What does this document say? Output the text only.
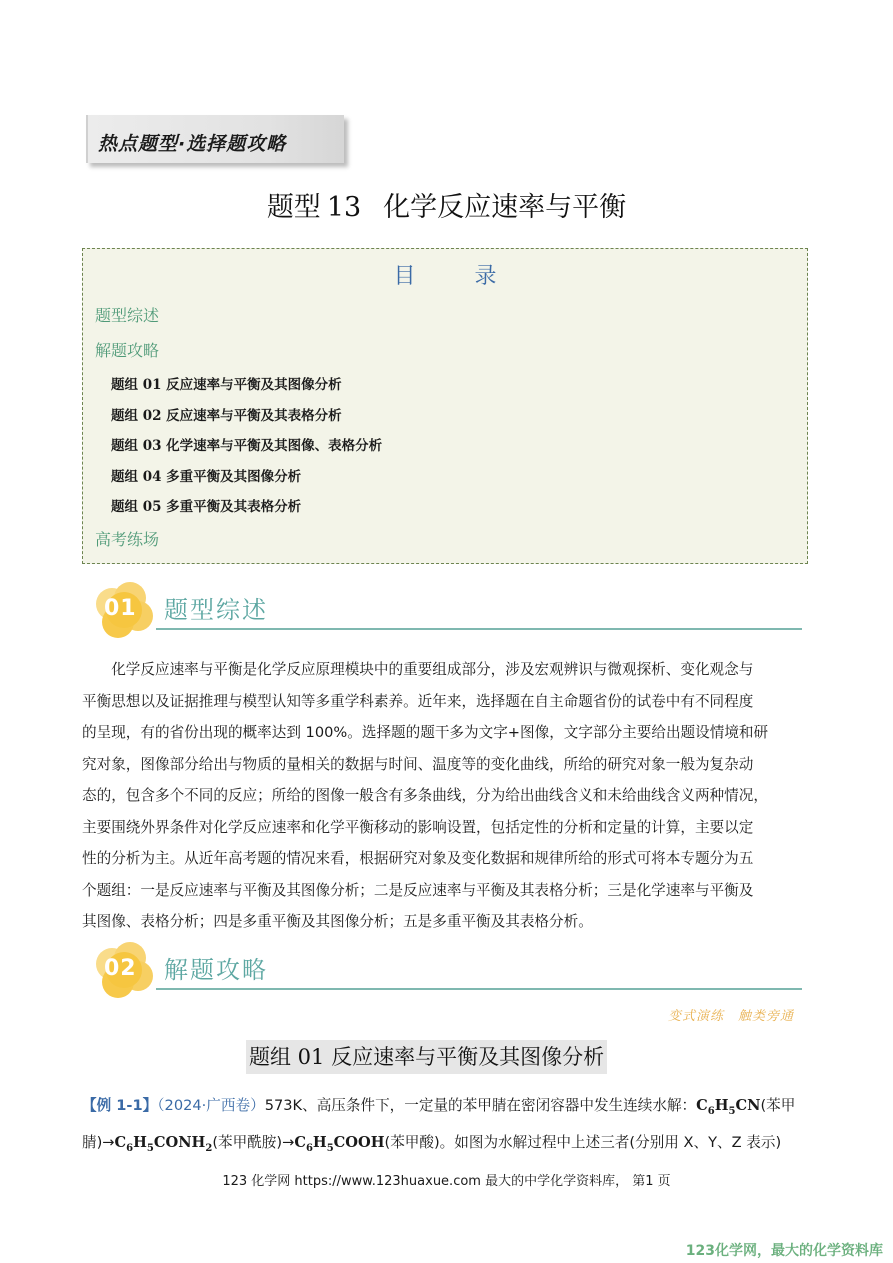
热点题型·选择题攻略
题型 13 化学反应速率与平衡
目 录
题型综述
解题攻略
题组 01 反应速率与平衡及其图像分析
题组 02 反应速率与平衡及其表格分析
题组 03 化学速率与平衡及其图像、表格分析
题组 04 多重平衡及其图像分析
题组 05 多重平衡及其表格分析
高考练场
01 题型综述
　　化学反应速率与平衡是化学反应原理模块中的重要组成部分，涉及宏观辨识与微观探析、变化观念与
平衡思想以及证据推理与模型认知等多重学科素养。近年来，选择题在自主命题省份的试卷中有不同程度
的呈现，有的省份出现的概率达到 100%。选择题的题干多为文字+图像，文字部分主要给出题设情境和研
究对象，图像部分给出与物质的量相关的数据与时间、温度等的变化曲线，所给的研究对象一般为复杂动
态的，包含多个不同的反应；所给的图像一般含有多条曲线，分为给出曲线含义和未给曲线含义两种情况，
主要围绕外界条件对化学反应速率和化学平衡移动的影响设置，包括定性的分析和定量的计算，主要以定
性的分析为主。从近年高考题的情况来看，根据研究对象及变化数据和规律所给的形式可将本专题分为五
个题组：一是反应速率与平衡及其图像分析；二是反应速率与平衡及其表格分析；三是化学速率与平衡及
其图像、表格分析；四是多重平衡及其图像分析；五是多重平衡及其表格分析。
02 解题攻略
变式演练　触类旁通
题组 01 反应速率与平衡及其图像分析
【例 1-1】（2024·广西卷）573K、高压条件下，一定量的苯甲腈在密闭容器中发生连续水解：$C_6H_5CN$(苯甲
腈)$\to C_6H_5CONH_2$(苯甲酰胺)$\to C_6H_5COOH$(苯甲酸)。如图为水解过程中上述三者(分别用 X、Y、Z 表示)
123 化学网 https://www.123huaxue.com 最大的中学化学资料库， 第1 页
123化学网，最大的化学资料库
